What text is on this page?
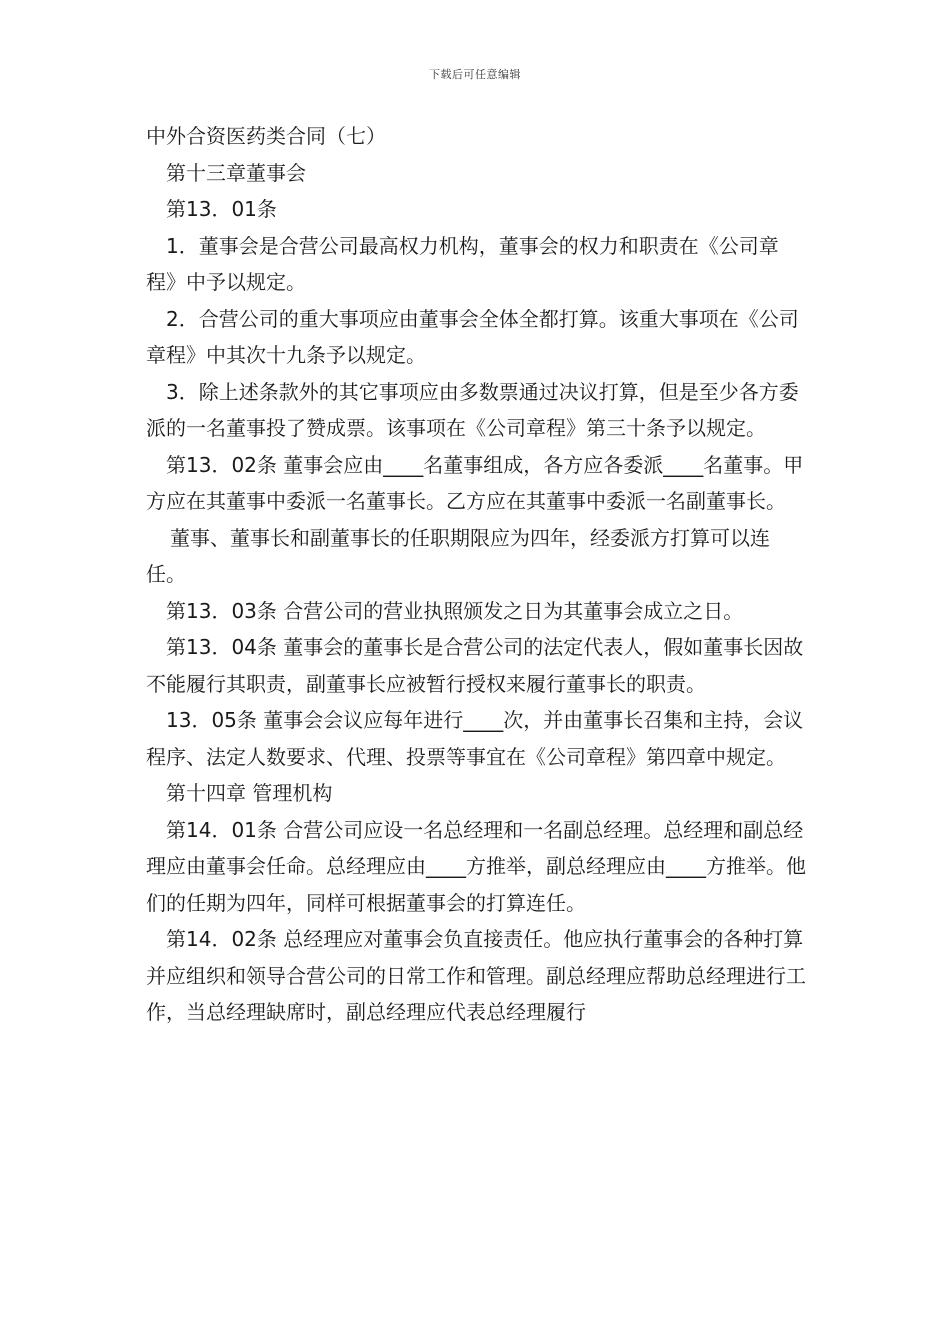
下载后可任意编辑

中外合资医药类合同（七）

第十三章董事会

第13．01条

1．董事会是合营公司最高权力机构，董事会的权力和职责在《公司章程》中予以规定。

2．合营公司的重大事项应由董事会全体全都打算。该重大事项在《公司章程》中其次十九条予以规定。

3．除上述条款外的其它事项应由多数票通过决议打算，但是至少各方委派的一名董事投了赞成票。该事项在《公司章程》第三十条予以规定。

第13．02条 董事会应由____名董事组成，各方应各委派____名董事。甲方应在其董事中委派一名董事长。乙方应在其董事中委派一名副董事长。

董事、董事长和副董事长的任职期限应为四年，经委派方打算可以连任。

第13．03条 合营公司的营业执照颁发之日为其董事会成立之日。

第13．04条 董事会的董事长是合营公司的法定代表人，假如董事长因故不能履行其职责，副董事长应被暂行授权来履行董事长的职责。

13．05条 董事会会议应每年进行____次，并由董事长召集和主持，会议程序、法定人数要求、代理、投票等事宜在《公司章程》第四章中规定。

第十四章 管理机构

第14．01条 合营公司应设一名总经理和一名副总经理。总经理和副总经理应由董事会任命。总经理应由____方推举，副总经理应由____方推举。他们的任期为四年，同样可根据董事会的打算连任。

第14．02条 总经理应对董事会负直接责任。他应执行董事会的各种打算并应组织和领导合营公司的日常工作和管理。副总经理应帮助总经理进行工作，当总经理缺席时，副总经理应代表总经理履行
